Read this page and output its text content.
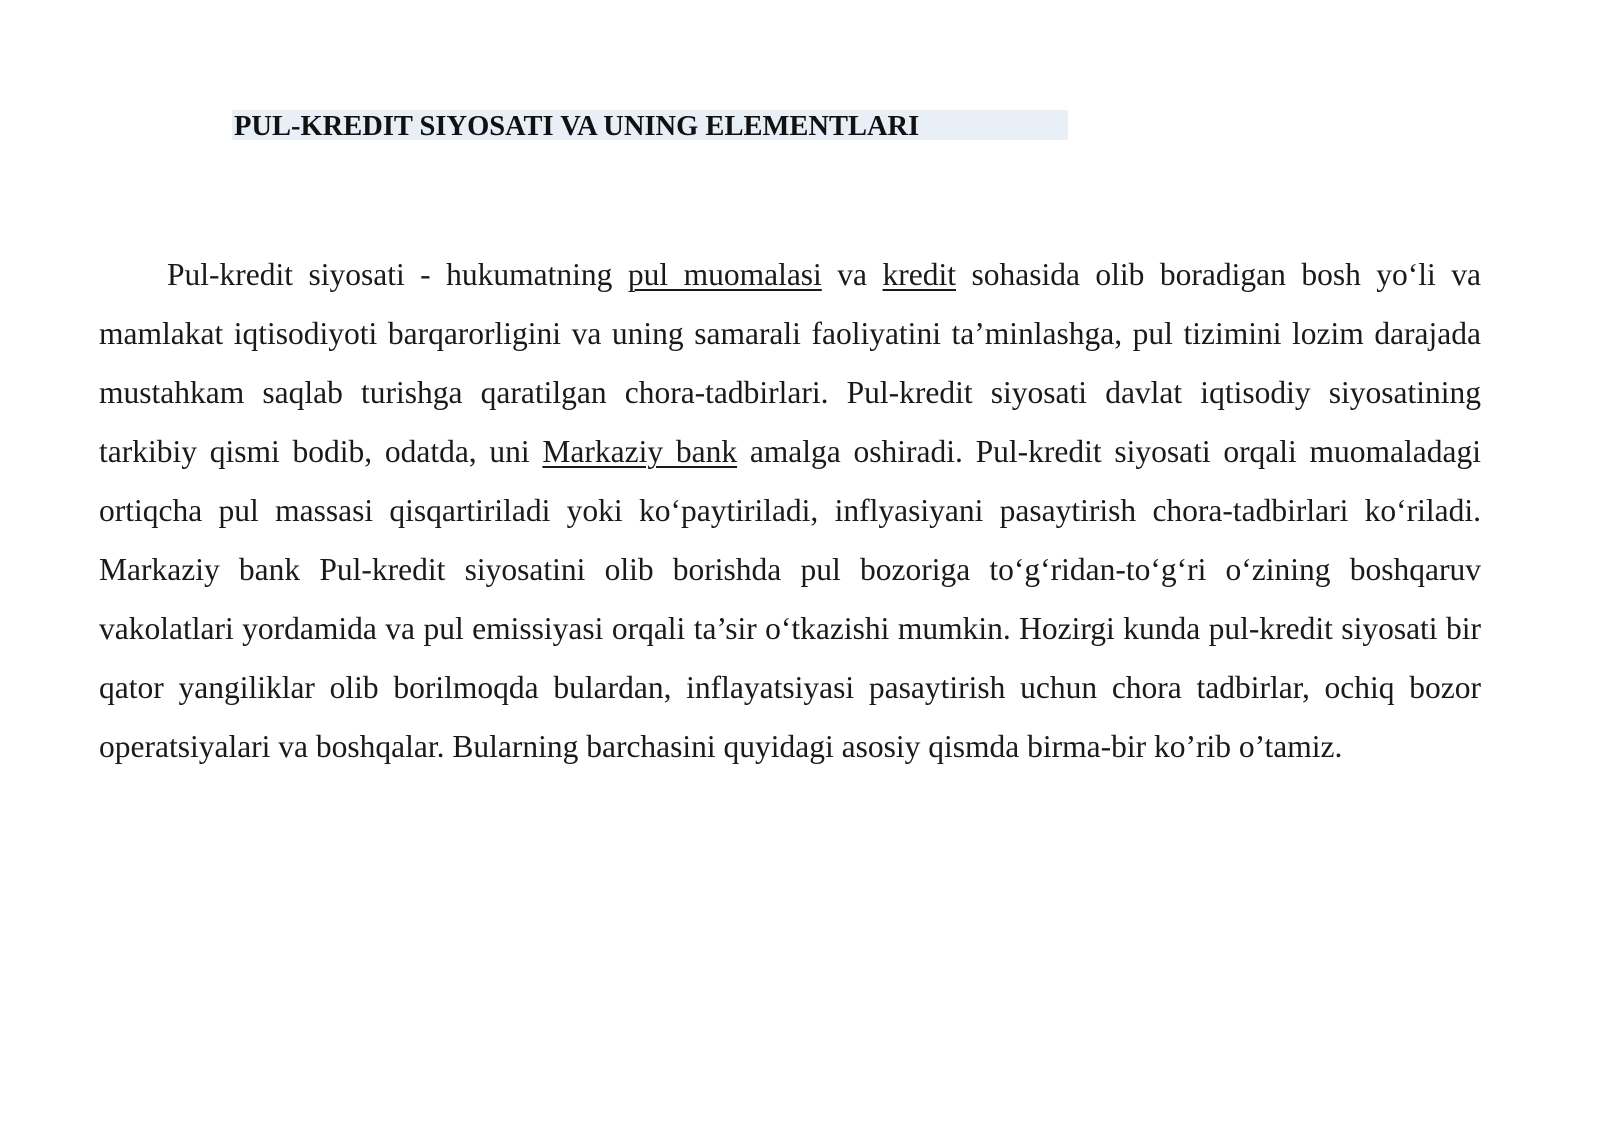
PUL-KREDIT SIYOSATI VA UNING ELEMENTLARI

Pul-kredit siyosati - hukumatning pul muomalasi va kredit sohasida olib boradigan bosh yo‘li va mamlakat iqtisodiyoti barqarorligini va uning samarali faoliyatini ta’minlashga, pul tizimini lozim darajada mustahkam saqlab turishga qaratilgan chora-tadbirlari. Pul-kredit siyosati davlat iqtisodiy siyosatining tarkibiy qismi bodib, odatda, uni Markaziy bank amalga oshiradi. Pul-kredit siyosati orqali muomaladagi ortiqcha pul massasi qisqartiriladi yoki ko‘paytiriladi, inflyasiyani pasaytirish chora-tadbirlari ko‘riladi. Markaziy bank Pul-kredit siyosatini olib borishda pul bozoriga to‘g‘ridan-to‘g‘ri o‘zining boshqaruv vakolatlari yordamida va pul emissiyasi orqali ta’sir o‘tkazishi mumkin. Hozirgi kunda pul-kredit siyosati bir qator yangiliklar olib borilmoqda bulardan, inflayatsiyasi pasaytirish uchun chora tadbirlar, ochiq bozor operatsiyalari va boshqalar. Bularning barchasini quyidagi asosiy qismda birma-bir ko’rib o’tamiz.
